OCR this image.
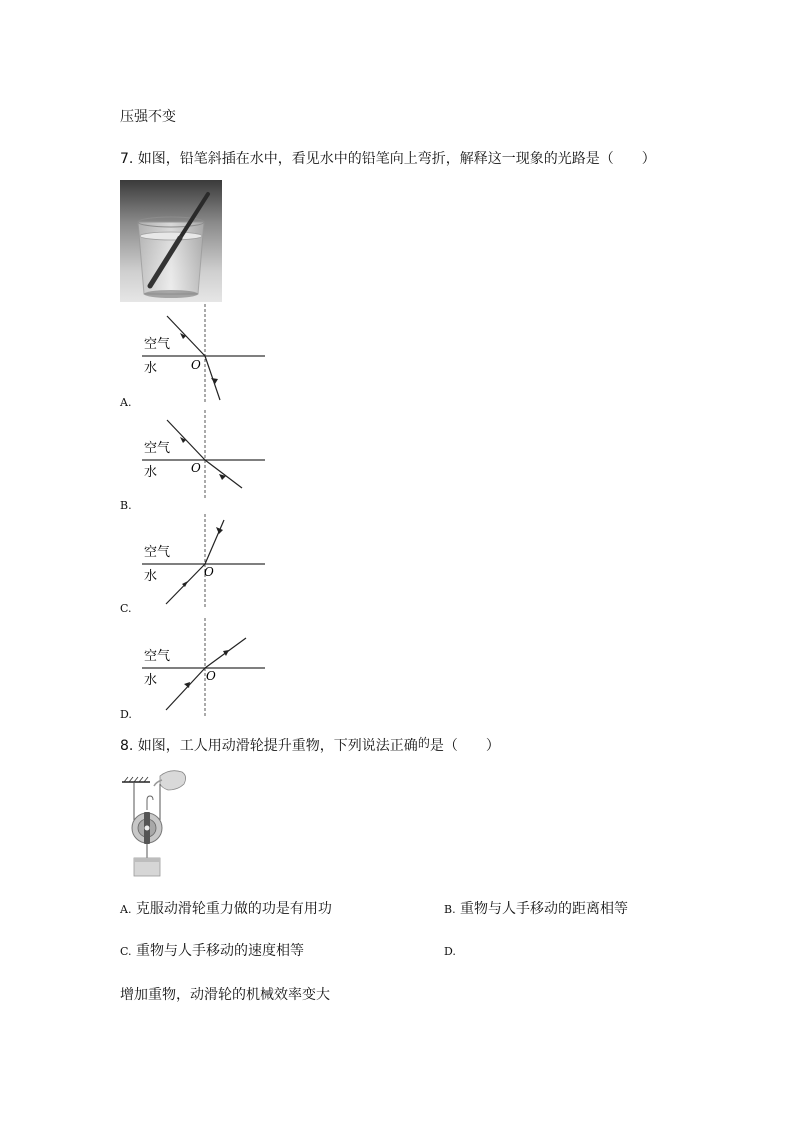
压强不变
7. 如图，铅笔斜插在水中，看见水中的铅笔向上弯折，解释这一现象的光路是（　　）
空气
水	O
A.
空气
水	O
B.
空气
水	O
C.
空气
水	O
D.
8. 如图，工人用动滑轮提升重物，下列说法正确的是（　　）
A. 克服动滑轮重力做的功是有用功	B. 重物与人手移动的距离相等
C. 重物与人手移动的速度相等	D.
增加重物，动滑轮的机械效率变大
